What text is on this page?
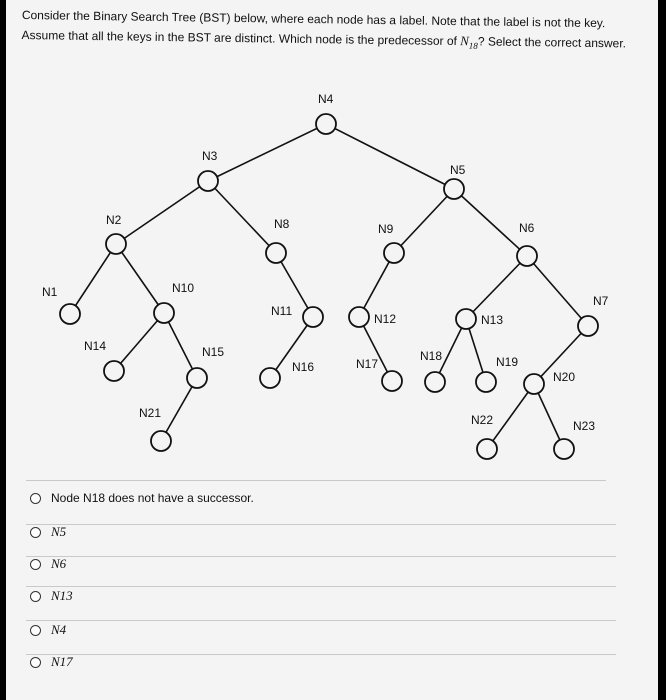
Consider the Binary Search Tree (BST) below, where each node has a label. Note that the label is not the key. Assume that all the keys in the BST are distinct. Which node is the predecessor of $N_{18}$? Select the correct answer.

N4
N3
N5
N2	N8	N9	N6
N1	N10
N11
N12	N13
N7
N14	N15
N16	N17
N18	N19
N20
N21	N22	N23
Node N18 does not have a successor.
N5
N6
N13
N4
N17
